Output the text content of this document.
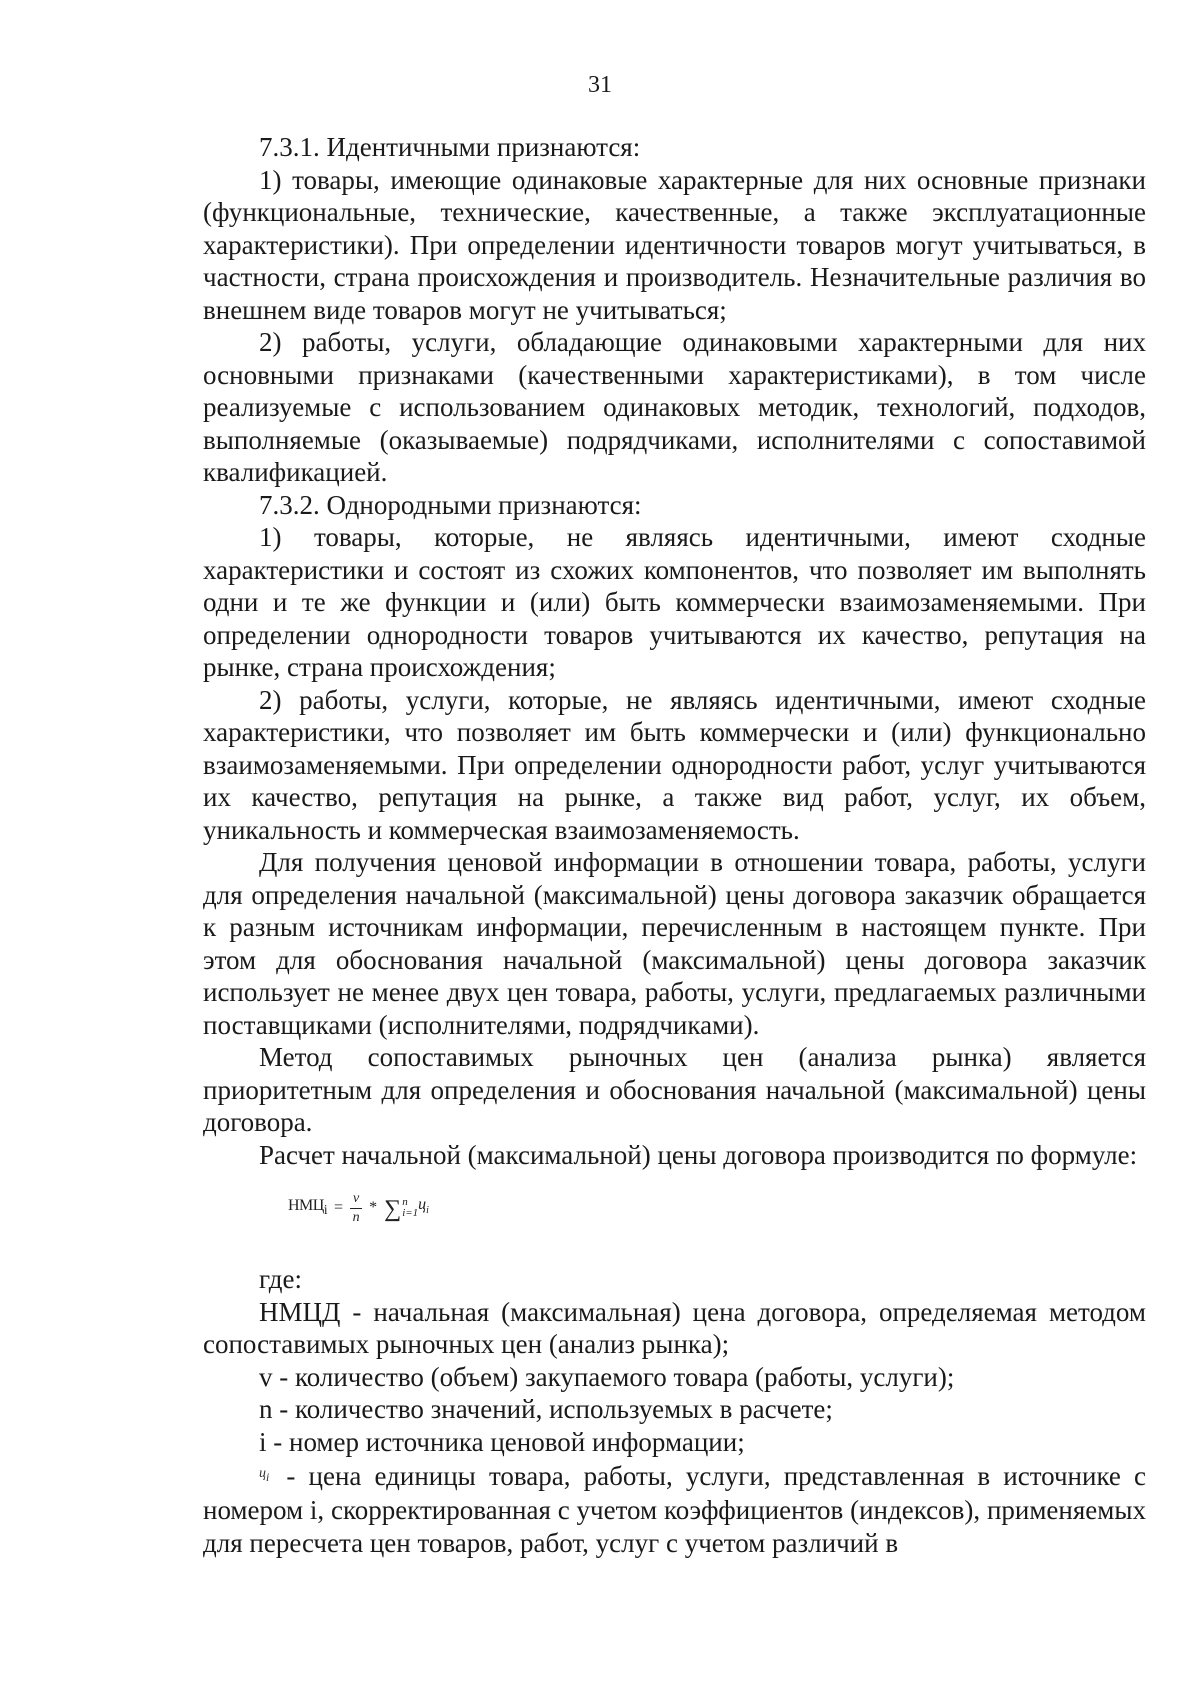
31

7.3.1. Идентичными признаются:

1) товары, имеющие одинаковые характерные для них основные признаки (функциональные, технические, качественные, а также эксплуатационные характеристики). При определении идентичности товаров могут учитываться, в частности, страна происхождения и производитель. Незначительные различия во внешнем виде товаров могут не учитываться;

2) работы, услуги, обладающие одинаковыми характерными для них основными признаками (качественными характеристиками), в том числе реализуемые с использованием одинаковых методик, технологий, подходов, выполняемые (оказываемые) подрядчиками, исполнителями с сопоставимой квалификацией.

7.3.2. Однородными признаются:

1) товары, которые, не являясь идентичными, имеют сходные характеристики и состоят из схожих компонентов, что позволяет им выполнять одни и те же функции и (или) быть коммерчески взаимозаменяемыми. При определении однородности товаров учитываются их качество, репутация на рынке, страна происхождения;

2) работы, услуги, которые, не являясь идентичными, имеют сходные характеристики, что позволяет им быть коммерчески и (или) функционально взаимозаменяемыми. При определении однородности работ, услуг учитываются их качество, репутация на рынке, а также вид работ, услуг, их объем, уникальность и коммерческая взаимозаменяемость.

Для получения ценовой информации в отношении товара, работы, услуги для определения начальной (максимальной) цены договора заказчик обращается к разным источникам информации, перечисленным в настоящем пункте. При этом для обоснования начальной (максимальной) цены договора заказчик использует не менее двух цен товара, работы, услуги, предлагаемых различными поставщиками (исполнителями, подрядчиками).

Метод сопоставимых рыночных цен (анализа рынка) является приоритетным для определения и обоснования начальной (максимальной) цены договора.

Расчет начальной (максимальной) цены договора производится по формуле:

$НМЦ_i = \frac{v}{n}$ * ∑ n
i=1
$ц_i$

где:

НМЦД - начальная (максимальная) цена договора, определяемая методом сопоставимых рыночных цен (анализ рынка);

v - количество (объем) закупаемого товара (работы, услуги);

n - количество значений, используемых в расчете;

i - номер источника ценовой информации;

$^{ц_i}$ - цена единицы товара, работы, услуги, представленная в источнике с номером i, скорректированная с учетом коэффициентов (индексов), применяемых для пересчета цен товаров, работ, услуг с учетом различий в
